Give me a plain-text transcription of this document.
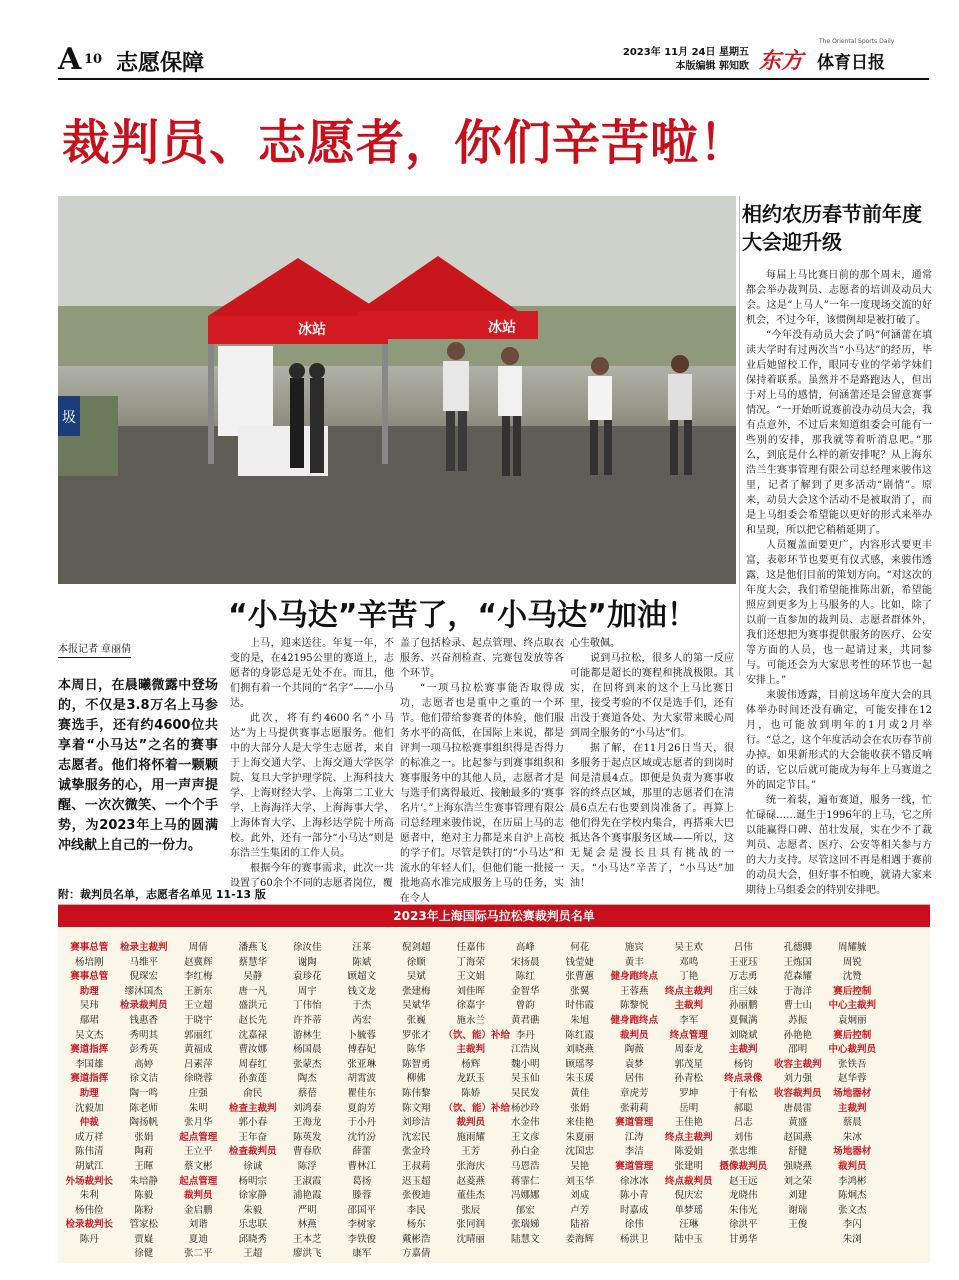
A 10 志愿保障	2023年 11月 24日 星期五
本版编辑 郭知欧 东方
The Oriental Sports Daily
体育日报
裁判员、志愿者，你们辛苦啦！
冰站	冰站
圾
相约农历春节前年度大会迎升级

每届上马比赛日前的那个周末，通常都会举办裁判员、志愿者的培训及动员大会。这是“上马人”一年一度现场交流的好机会，不过今年，该惯例却是被打破了。

“今年没有动员大会了吗”何涵蕾在填读大学时有过两次当“小马达”的经历，毕业后她留校工作，眼同专业的学弟学妹们保持着联系。虽然并不是路跑达人，但出于对上马的感情，何涵蕾还是会留意赛事情况。“一开始听说赛前没办动员大会，我有点意外，不过后来知道组委会可能有一些别的安排，那我就等着听消息吧。”那么，到底是什么样的新安排呢？从上海东浩兰生赛事管理有限公司总经理来骏伟这里，记者了解到了更多活动“剧情”。原来，动员大会这个活动不是被取消了，而是上马组委会希望能以更好的形式来举办和呈现，所以把它稍稍延期了。

人员覆盖面要更广，内容形式要更丰富，表彰环节也要更有仪式感，来骏伟透露，这是他们目前的策划方向。“对这次的年度大会，我们希望能推陈出新，希望能照应到更多为上马服务的人。比如，除了以前一直参加的裁判员、志愿者群体外，我们还想把为赛事提供服务的医疗、公安等方面的人员，也一起请过来，共同参与。可能还会为大家思考性的环节也一起安排上。”

来骏伟透露，目前这场年度大会的具体举办时间还没有确定，可能安排在12月，也可能放到明年的1月或2月举行。“总之，这个年度活动会在农历春节前办掉。如果新形式的大会能收获不错反响的话，它以后就可能成为每年上马赛道之外的固定节目。”

统一着装，遍布赛道，服务一线，忙忙碌碌……诞生于1996年的上马，它之所以能赢得口碑、茁壮发展，实在少不了裁判员、志愿者、医疗、公安等相关参与方的大力支持。尽管这回不再是相遇于赛前的动员大会，但好事不怕晚，就请大家来期待上马组委会的特别安排吧。

“小马达”辛苦了，“小马达”加油！
本报记者 章丽倩
本周日，在晨曦微露中登场的，不仅是3.8万名上马参赛选手，还有约4600位共享着“小马达”之名的赛事志愿者。他们将怀着一颗颗诚挚服务的心，用一声声提醒、一次次微笑、一个个手势，为2023年上马的圆满冲线献上自己的一份力。

上马，迎来送往。年复一年，不变的是，在42195公里的赛道上，志愿者的身影总是无处不在。而且，他们拥有着一个共同的“名字”——小马达。

此次，将有约4600名“小马达”为上马提供赛事志愿服务。他们中的大部分人是大学生志愿者，来自于上海交通大学、上海交通大学医学院、复旦大学护理学院、上海科技大学、上海财经大学、上海第二工业大学、上海海洋大学、上海海事大学、上海体育大学、上海杉达学院十所高校。此外，还有一部分“小马达”则是东浩兰生集团的工作人员。

根据今年的赛事需求，此次一共设置了60余个不同的志愿者岗位，覆

盖了包括检录、起点管理、终点取衣服务、兴奋剂检查、完赛包发放等各个环节。

“一项马拉松赛事能否取得成功，志愿者也是重中之重的一个环节。他们带给参赛者的体验，他们服务水平的高低，在国际上来说，都是评判一项马拉松赛事组织得是否得力的标准之一。比起参与到赛事组织和赛事服务中的其他人员，志愿者才是与选手们离得最近、接触最多的‘赛事名片’。”上海东浩兰生赛事管理有限公司总经理来骏伟说，在历届上马的志愿者中，绝对主力都是来自沪上高校的学子们。尽管是铁打的“小马达”和流水的年轻人们，但他们能一批接一批地高水准完成服务上马的任务，实在令人

心生敬佩。

说到马拉松，很多人的第一反应可能都是超长的赛程和挑战极限。其实，在回将到来的这个上马比赛日里，接受考验的不仅是选手们，还有出没于赛道各处、为大家带来暖心周到周全服务的“小马达”们。

据了解，在11月26日当天，很多服务于起点区域或志愿者的到岗时间是清晨4点。即便是负责为赛事收容的终点区域，那里的志愿者们在清晨6点左右也要到岗准备了。再算上他们得先在学校内集合，再搭乘大巴抵达各个赛事服务区域——所以，这无疑会是漫长且具有挑战的一天。“小马达”辛苦了，“小马达”加油！

附：裁判员名单，志愿者名单见 11-13 版
2023年上海国际马拉松赛裁判员名单
赛事总管
杨培刚
赛事总管
助理
吴玮
鄢珺
吴文杰
赛道指挥
李国雄
赛道指挥
助理
沈毅加
仲裁
成万祥
陈伟清
胡斌江
外场裁判长
朱利
杨伟俭
检录裁判长
陈丹
检录主裁判
马维平
倪琛宏
缪沐国杰
检录裁判员
钱惠香
秀明其
彭秀英
高婷
徐文洁
陶一鸣
陈老师
陶扬帆
张娟
陶莉
王暉
朱培静
陈毅
陈粉
管家松
贾嶷
徐健
周倩
赵冀辉
李红梅
王新东
王立超
于晓宇
郭丽红
黄福成
吕素萍
徐晓蓉
庄强
朱明
张月华
起点管理
王立平
蔡文彬
起点管理
裁判员
金启鹏
刘谐
夏迪
张二平
潘燕飞
蔡慧华
吴静
唐一凡
盛洪元
赵长先
沈嘉禄
曹汝娜
周春红
孙蛮莲
俞民
检查主裁判
郭小春
王年奋
检查裁判员
徐诚
杨明宗
徐家静
朱毅
乐忠联
邱晓秀
王超
徐汝佳
谢陶
袁珍花
周宇
丁伟怡
许芥蒂
游林生
杨国晨
张蒙杰
陶杰
蔡蓓
刘鸿泰
王海龙
陈英发
曹春欣
陈浮
王淑霞
浦艳霞
严明
林燕
王本芝
廖洪飞
汪莱
陈斌
顾超文
钱文龙
于杰
芮宏
卜毓蓉
傅春妃
张亚琳
胡霄波
瞿佳东
夏韵芳
于小丹
沈竹汾
薛蕾
曹林江
葛扬
滕蓉
邵国平
李树家
李铁俊
康军
倪剑超
徐顺
吴斌
张建梅
吴斌华
张巍
罗张才
陈华
陈智勇
柳佛
陈伟黎
陈文翔
刘珍洁
沈宏民
张金玲
王叔莉
迟玉超
张俊迪
李民
杨东
戴彬浩
方嘉倩
任嘉伟
丁海荣
王文娟
刘佳晖
徐嘉宇
施永兰
（饮、能）补给
主裁判
杨辉
龙跃玉
陈娇
（饮、能）补给
裁判员
施雨耀
王芳
张海庆
赵菱燕
董佳杰
张辰
张同润
沈晴丽
高峰
宋扬晨
陈红
金智华
曾韵
黄君礁
李丹
江浩岚
魏小明
吴玉仙
吴民发
杨沙玲
水金伟
王文彦
孙白金
马恩浩
蒋霏仁
冯娜娜
郁宏
张瑞娣
陆慧文
何花
钱莹婕
张曹蕙
张翼
时伟霞
朱旭
陈红霞
刘晓燕
顾瑶琴
朱玉瑗
黄佳
张娟
来佳艳
朱夏丽
沈国忠
吴艳
刘玉华
刘成
卢芳
陆裕
姜海辉
施宾
黄丰
健身跑终点
王蓉燕
陈黎悦
健身跑终点
裁判员
陶薇
袁梦
居伟
章虎芳
张莉莉
赛道管理
江涛
李洁
赛道管理
徐冰冰
陈小青
时嘉成
徐伟
杨洪卫
吴王欢
邓鸣
丁艳
终点主裁判
主裁判
李军
终点管理
周泰龙
郭茂星
孙青松
罗坤
岳明
王佳艳
终点主裁判
陈爱娟
张建明
终点裁判员
倪庆宏
单梦瑶
汪琳
陆中玉
吕伟
王亚珏
万志勇
庄三妹
孙丽鹏
夏佩满
刘晓斌
主裁判
杨钧
终点录像
于有松
郝聪
吕志
刘伟
张忠维
摄像裁判员
赵王远
龙晓伟
朱伟光
徐洪平
甘勇华
孔德卿
王炼国
范森耀
于海洋
曹士山
苏振
孙艳艳
邵明
收容主裁判
刘力强
收容裁判员
唐晨雷
黄盛
赵国燕
舒健
强晓燕
刘之荣
刘建
谢瑞
王俊
周耀毓
周锐
沈赞
赛后控制
中心主裁判
袁炯丽
赛后控制
中心裁判员
张铁吾
赵华蓉
场地器材
主裁判
蔡晨
朱冰
场地器材
裁判员
李鸿彬
陈炯杰
张文杰
李闪
朱浏
